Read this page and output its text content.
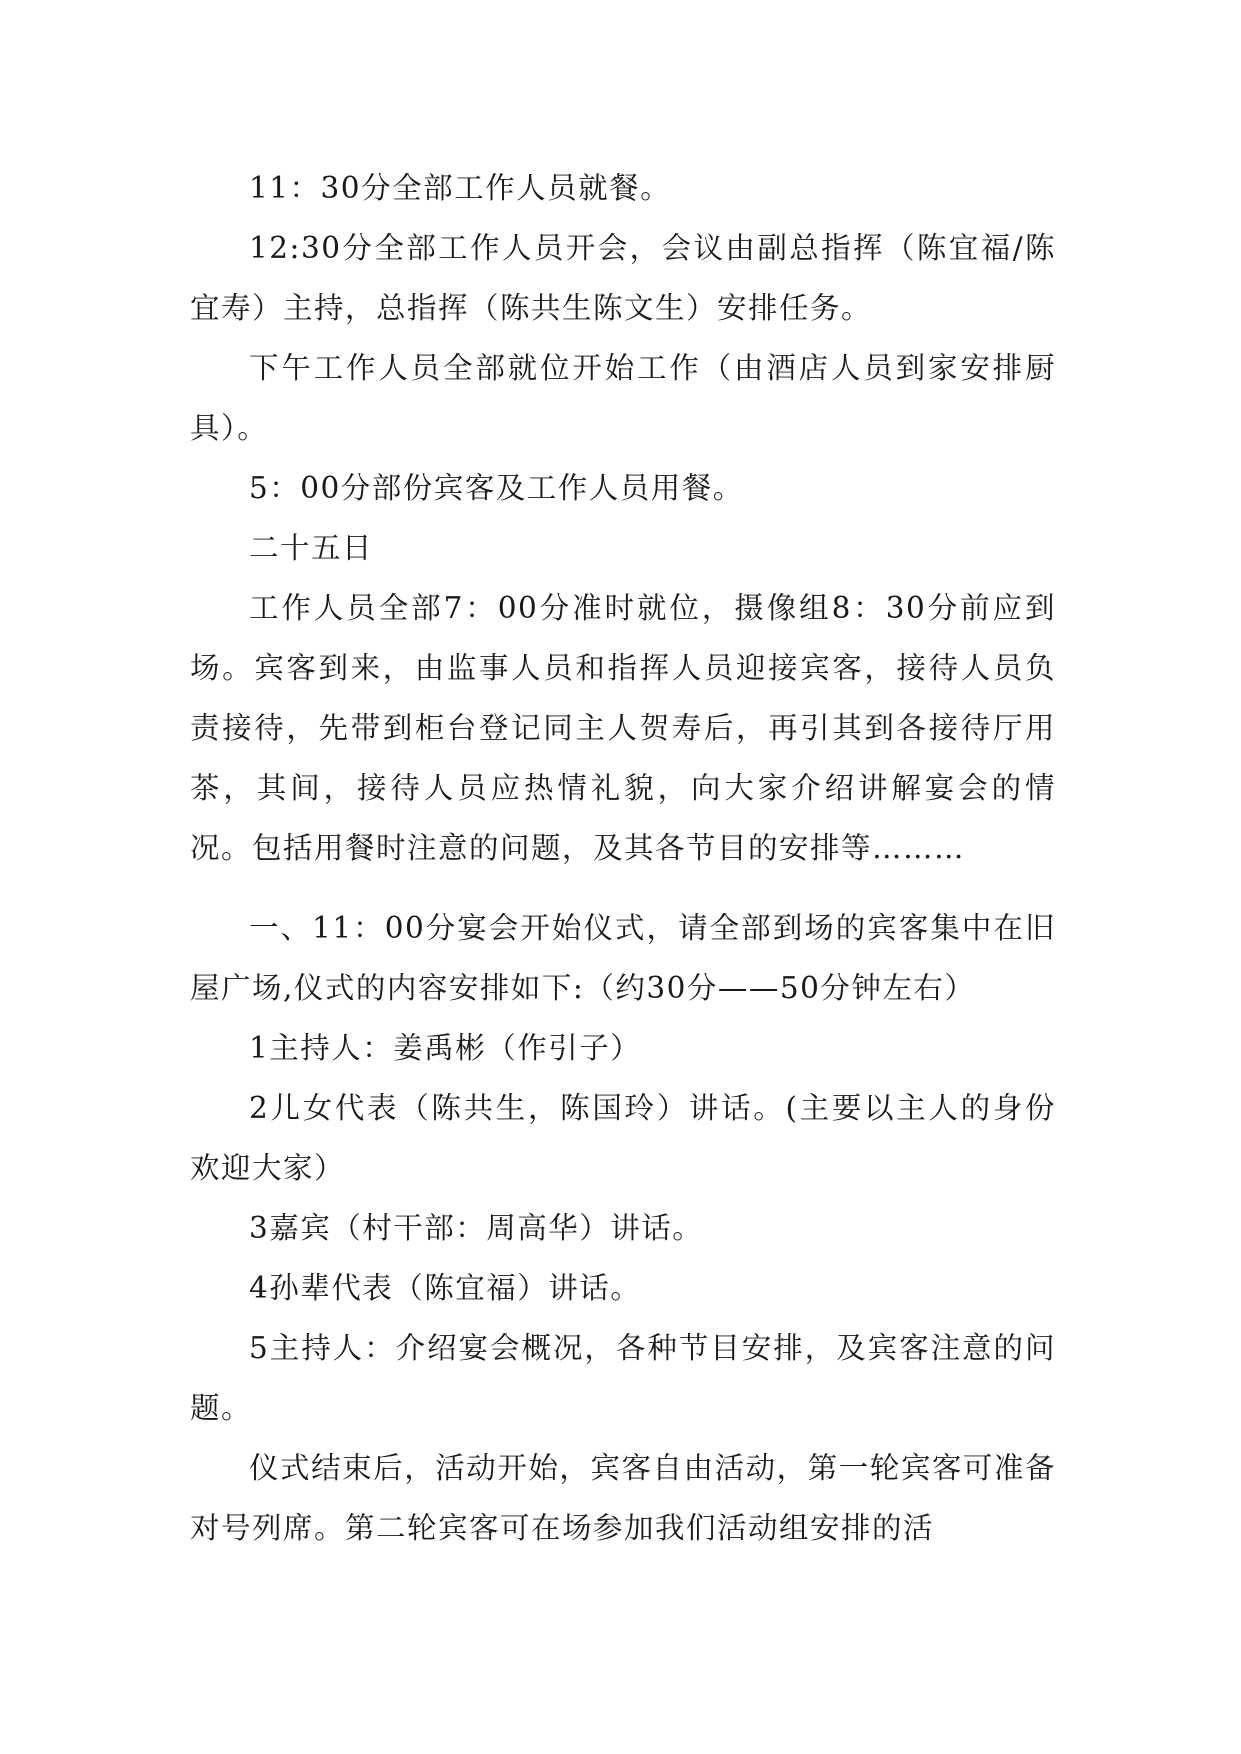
11：30分全部工作人员就餐。

12:30分全部工作人员开会，会议由副总指挥（陈宜福/陈宜寿）主持，总指挥（陈共生陈文生）安排任务。

下午工作人员全部就位开始工作（由酒店人员到家安排厨具）。

5：00分部份宾客及工作人员用餐。

二十五日

工作人员全部7：00分准时就位，摄像组8：30分前应到场。宾客到来，由监事人员和指挥人员迎接宾客，接待人员负责接待，先带到柜台登记同主人贺寿后，再引其到各接待厅用茶，其间，接待人员应热情礼貌，向大家介绍讲解宴会的情况。包括用餐时注意的问题，及其各节目的安排等………

一、11：00分宴会开始仪式，请全部到场的宾客集中在旧屋广场,仪式的内容安排如下:（约30分——50分钟左右）

1主持人：姜禹彬（作引子）

2儿女代表（陈共生，陈国玲）讲话。(主要以主人的身份欢迎大家）

3嘉宾（村干部：周高华）讲话。

4孙辈代表（陈宜福）讲话。

5主持人：介绍宴会概况，各种节目安排，及宾客注意的问题。

仪式结束后，活动开始，宾客自由活动，第一轮宾客可准备对号列席。第二轮宾客可在场参加我们活动组安排的活
